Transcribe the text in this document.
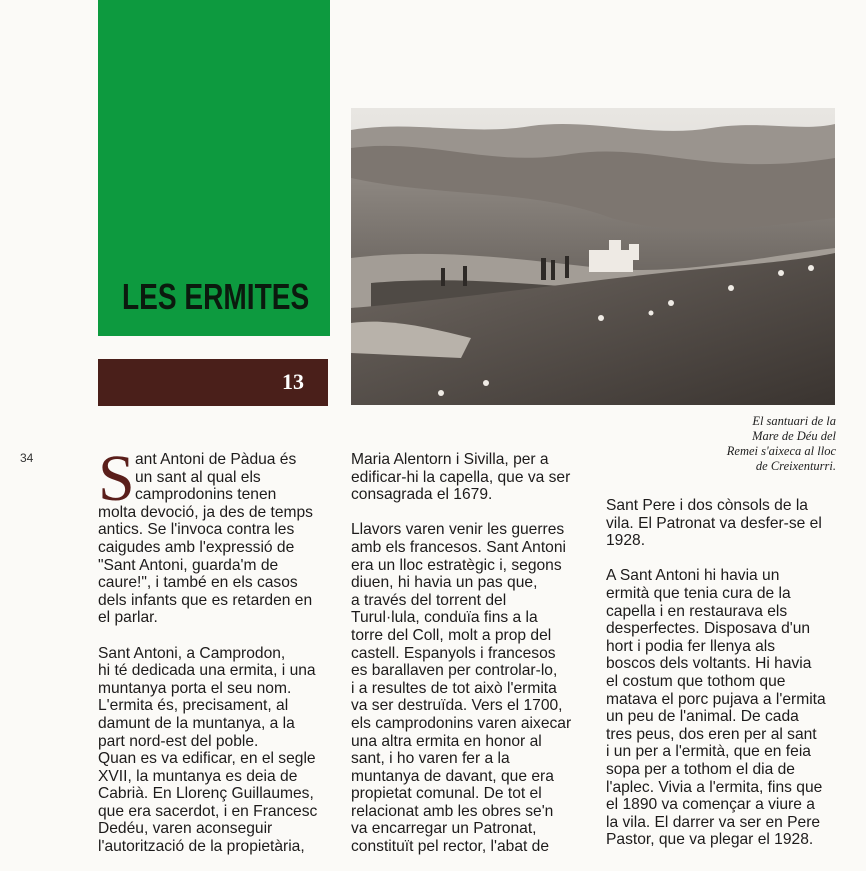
LES ERMITES
13
El santuari de la
Mare de Déu del
Remei s'aixeca al lloc
de Creixenturri.
34 S ant Antoni de Pàdua és
un sant al qual els
camprodonins tenen
molta devoció, ja des de temps
antics. Se l'invoca contra les
caigudes amb l'expressió de
"Sant Antoni, guarda'm de
caure!", i també en els casos
dels infants que es retarden en
el parlar.
Sant Antoni, a Camprodon,
hi té dedicada una ermita, i una
muntanya porta el seu nom.
L'ermita és, precisament, al
damunt de la muntanya, a la
part nord-est del poble.
Quan es va edificar, en el segle
XVII, la muntanya es deia de
Cabrià. En Llorenç Guillaumes,
que era sacerdot, i en Francesc
Dedéu, varen aconseguir
l'autorització de la propietària,
Maria Alentorn i Sivilla, per a
edificar-hi la capella, que va ser
consagrada el 1679.
Llavors varen venir les guerres
amb els francesos. Sant Antoni
era un lloc estratègic i, segons
diuen, hi havia un pas que,
a través del torrent del
Turul·lula, conduïa fins a la
torre del Coll, molt a prop del
castell. Espanyols i francesos
es barallaven per controlar-lo,
i a resultes de tot això l'ermita
va ser destruïda. Vers el 1700,
els camprodonins varen aixecar
una altra ermita en honor al
sant, i ho varen fer a la
muntanya de davant, que era
propietat comunal. De tot el
relacionat amb les obres se'n
va encarregar un Patronat,
constituït pel rector, l'abat de
Sant Pere i dos cònsols de la
vila. El Patronat va desfer-se el
1928.
A Sant Antoni hi havia un
ermità que tenia cura de la
capella i en restaurava els
desperfectes. Disposava d'un
hort i podia fer llenya als
boscos dels voltants. Hi havia
el costum que tothom que
matava el porc pujava a l'ermita
un peu de l'animal. De cada
tres peus, dos eren per al sant
i un per a l'ermità, que en feia
sopa per a tothom el dia de
l'aplec. Vivia a l'ermita, fins que
el 1890 va començar a viure a
la vila. El darrer va ser en Pere
Pastor, que va plegar el 1928.
